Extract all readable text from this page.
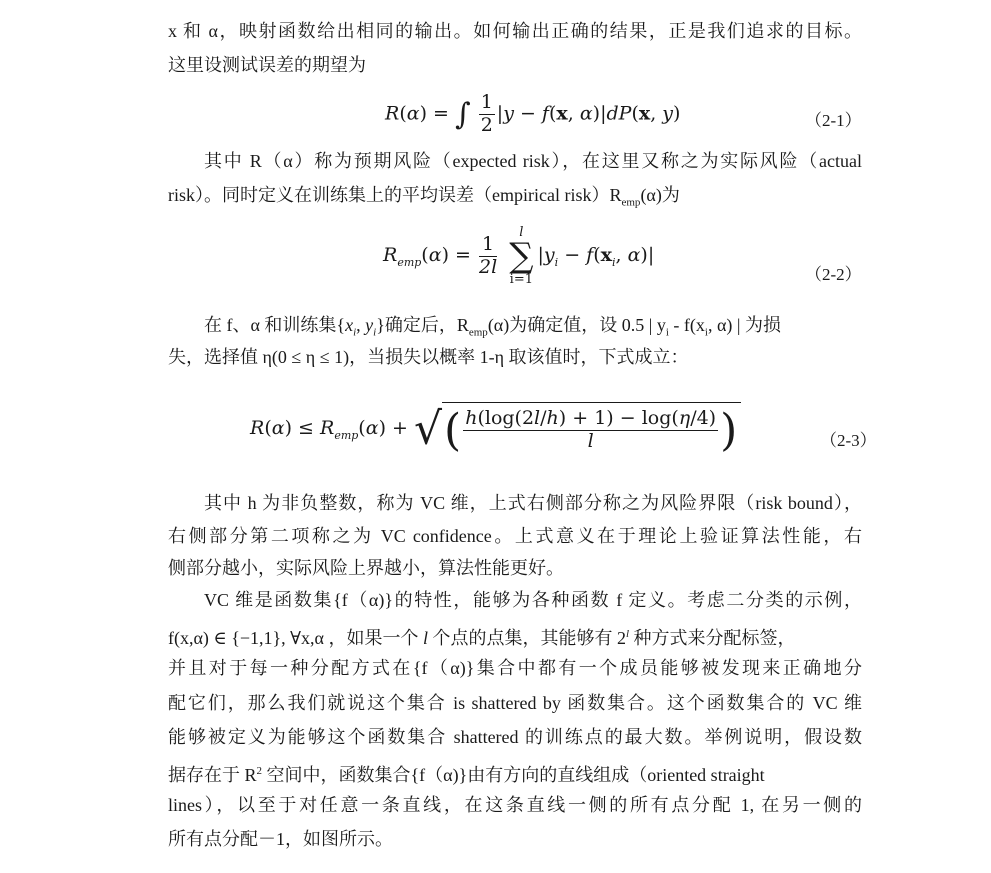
x 和 α，映射函数给出相同的输出。如何输出正确的结果，正是我们追求的目标。
这里设测试误差的期望为
R(α) = ∫ $\frac{1}{2} |y - f(x$, α)|dP(x, y)	（2-1）
其中 R（α）称为预期风险（expected risk），在这里又称之为实际风险（actual
risk）。同时定义在训练集上的平均误差（empirical $risk)R_{emp}(\alpha)$为
$R_{emp}(\alpha) = \frac{1}{2l}$

l
∑
i=1
$|y_i - f(x_i$, α)|
（2-2）
在 f、α 和训练集{$x_i$, $y_i$}确定后，$R_{emp}(\alpha)$为确定值，设 0.5 | $y_i - f(x_i$, α) | 为损
失，选择值 η(0 ≤ η ≤ 1)，当损失以概率 1-η 取该值时，下式成立：
$R(\alpha) \le R_{emp}(\alpha)$ + √( $\frac{h(\log(2l/h) + 1) - \log(\eta/4)}{l}$ )	（2-3）
其中 h 为非负整数，称为 VC 维，上式右侧部分称之为风险界限（risk bound），
右侧部分第二项称之为 VC confidence。上式意义在于理论上验证算法性能，右
侧部分越小，实际风险上界越小，算法性能更好。
VC 维是函数集{f（α)}的特性，能够为各种函数 f 定义。考虑二分类的示例，
f(x,α) ∈ {−1,1}, ∀x,α ，如果一个 l 个点的点集，其能够有 2$^l$ 种方式来分配标签，
并且对于每一种分配方式在{f（α)}集合中都有一个成员能够被发现来正确地分
配它们，那么我们就说这个集合 is shattered by 函数集合。这个函数集合的 VC 维
能够被定义为能够这个函数集合 shattered 的训练点的最大数。举例说明，假设数
据存在于 $R^2$ 空间中，函数集合{f（α)}由有方向的直线组成（oriented straight
lines），以至于对任意一条直线，在这条直线一侧的所有点分配 1, 在另一侧的
所有点分配－1，如图所示。
